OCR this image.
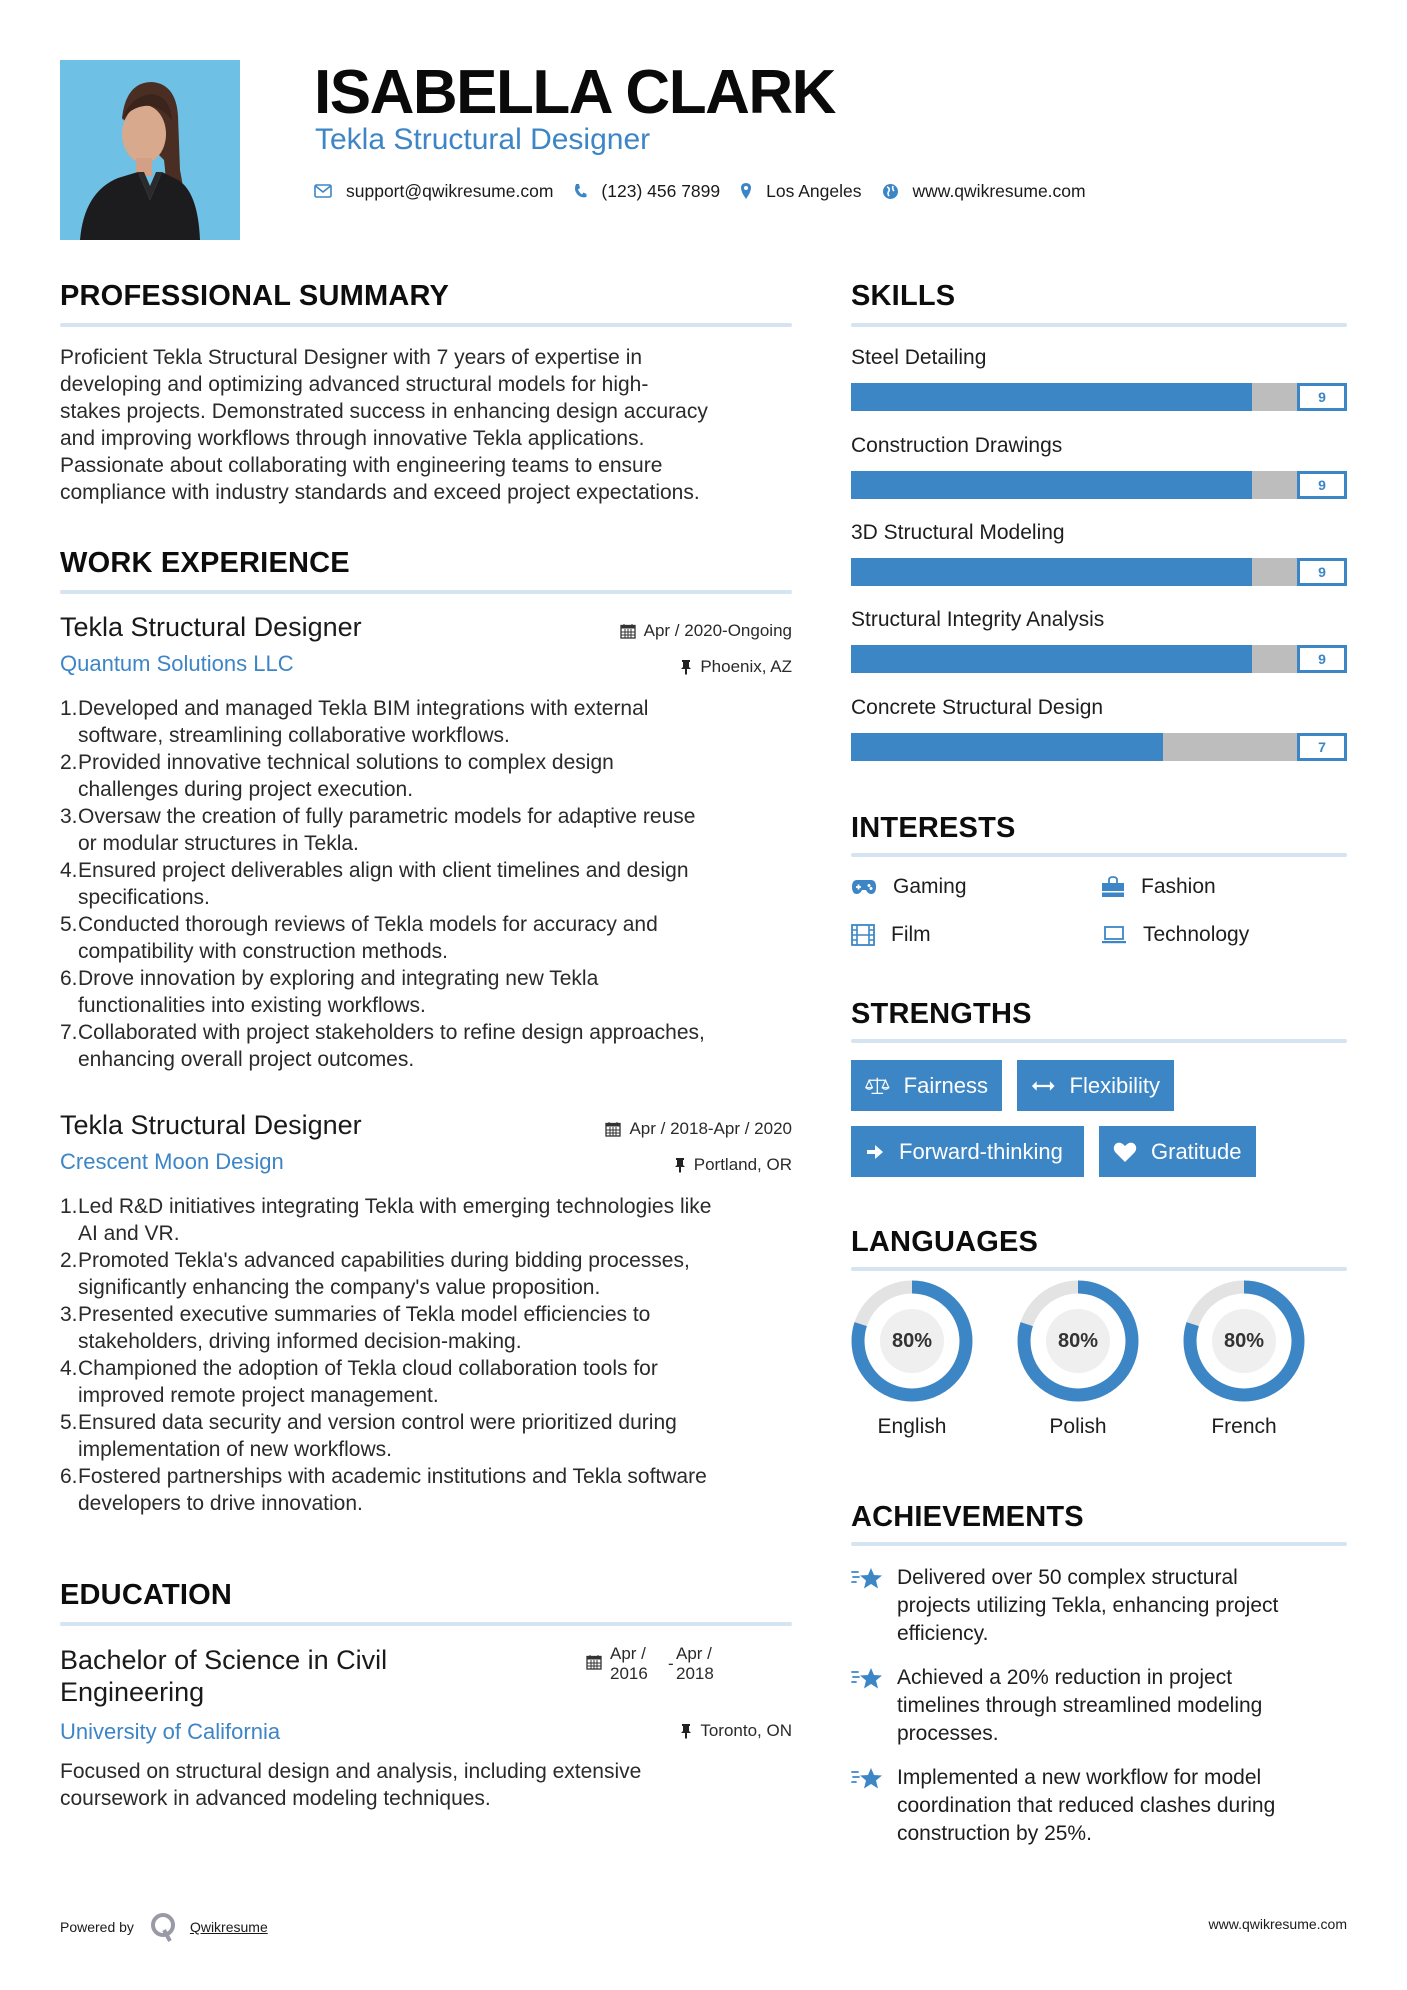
ISABELLA CLARK
Tekla Structural Designer
support@qwikresume.com	(123) 456 7899	Los Angeles	www.qwikresume.com
PROFESSIONAL SUMMARY
Proficient Tekla Structural Designer with 7 years of expertise in
developing and optimizing advanced structural models for high-
stakes projects. Demonstrated success in enhancing design accuracy
and improving workflows through innovative Tekla applications.
Passionate about collaborating with engineering teams to ensure
compliance with industry standards and exceed project expectations.
WORK EXPERIENCE
Tekla Structural Designer	Apr / 2020-Ongoing
Quantum Solutions LLC	Phoenix, AZ
1. Developed and managed Tekla BIM integrations with external
software, streamlining collaborative workflows.
2. Provided innovative technical solutions to complex design
challenges during project execution.
3. Oversaw the creation of fully parametric models for adaptive reuse
or modular structures in Tekla.
4. Ensured project deliverables align with client timelines and design
specifications.
5. Conducted thorough reviews of Tekla models for accuracy and
compatibility with construction methods.
6. Drove innovation by exploring and integrating new Tekla
functionalities into existing workflows.
7. Collaborated with project stakeholders to refine design approaches,
enhancing overall project outcomes.
Tekla Structural Designer	Apr / 2018-Apr / 2020
Crescent Moon Design	Portland, OR
1. Led R&D initiatives integrating Tekla with emerging technologies like
AI and VR.
2. Promoted Tekla's advanced capabilities during bidding processes,
significantly enhancing the company's value proposition.
3. Presented executive summaries of Tekla model efficiencies to
stakeholders, driving informed decision-making.
4. Championed the adoption of Tekla cloud collaboration tools for
improved remote project management.
5. Ensured data security and version control were prioritized during
implementation of new workflows.
6. Fostered partnerships with academic institutions and Tekla software
developers to drive innovation.
EDUCATION
Bachelor of Science in Civil
Engineering
Apr /
2016
-
Apr /
2018
University of California	Toronto, ON
Focused on structural design and analysis, including extensive
coursework in advanced modeling techniques.
SKILLS
Steel Detailing
9
Construction Drawings
9
3D Structural Modeling
9
Structural Integrity Analysis
9
Concrete Structural Design
7
INTERESTS
Gaming	Fashion
Film	Technology
STRENGTHS
Fairness	Flexibility
Forward-thinking	Gratitude
LANGUAGES
80%
English
80%
Polish
80%
French
ACHIEVEMENTS
Delivered over 50 complex structural
projects utilizing Tekla, enhancing project
efficiency.
Achieved a 20% reduction in project
timelines through streamlined modeling
processes.
Implemented a new workflow for model
coordination that reduced clashes during
construction by 25%.
Powered by	Qwikresume	www.qwikresume.com
